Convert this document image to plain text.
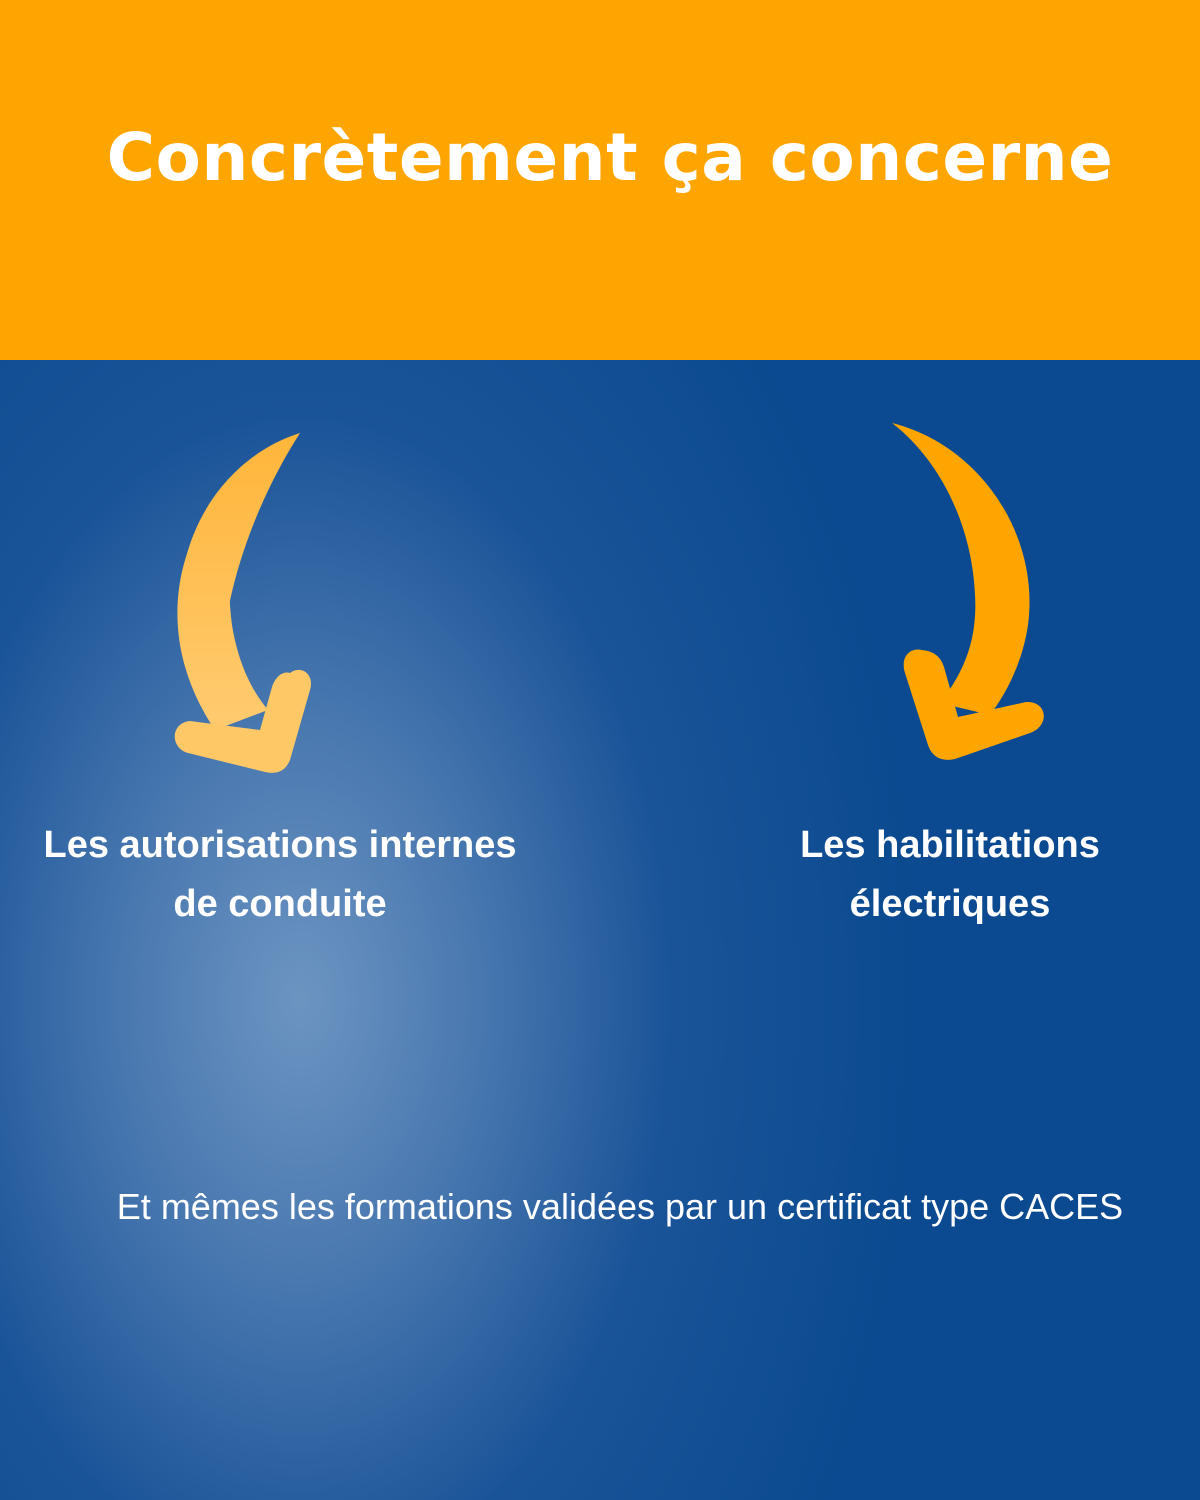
Concrètement ça concerne
Les autorisations internes
de conduite
Les habilitations
électriques

Et mêmes les formations validées par un certificat type CACES
